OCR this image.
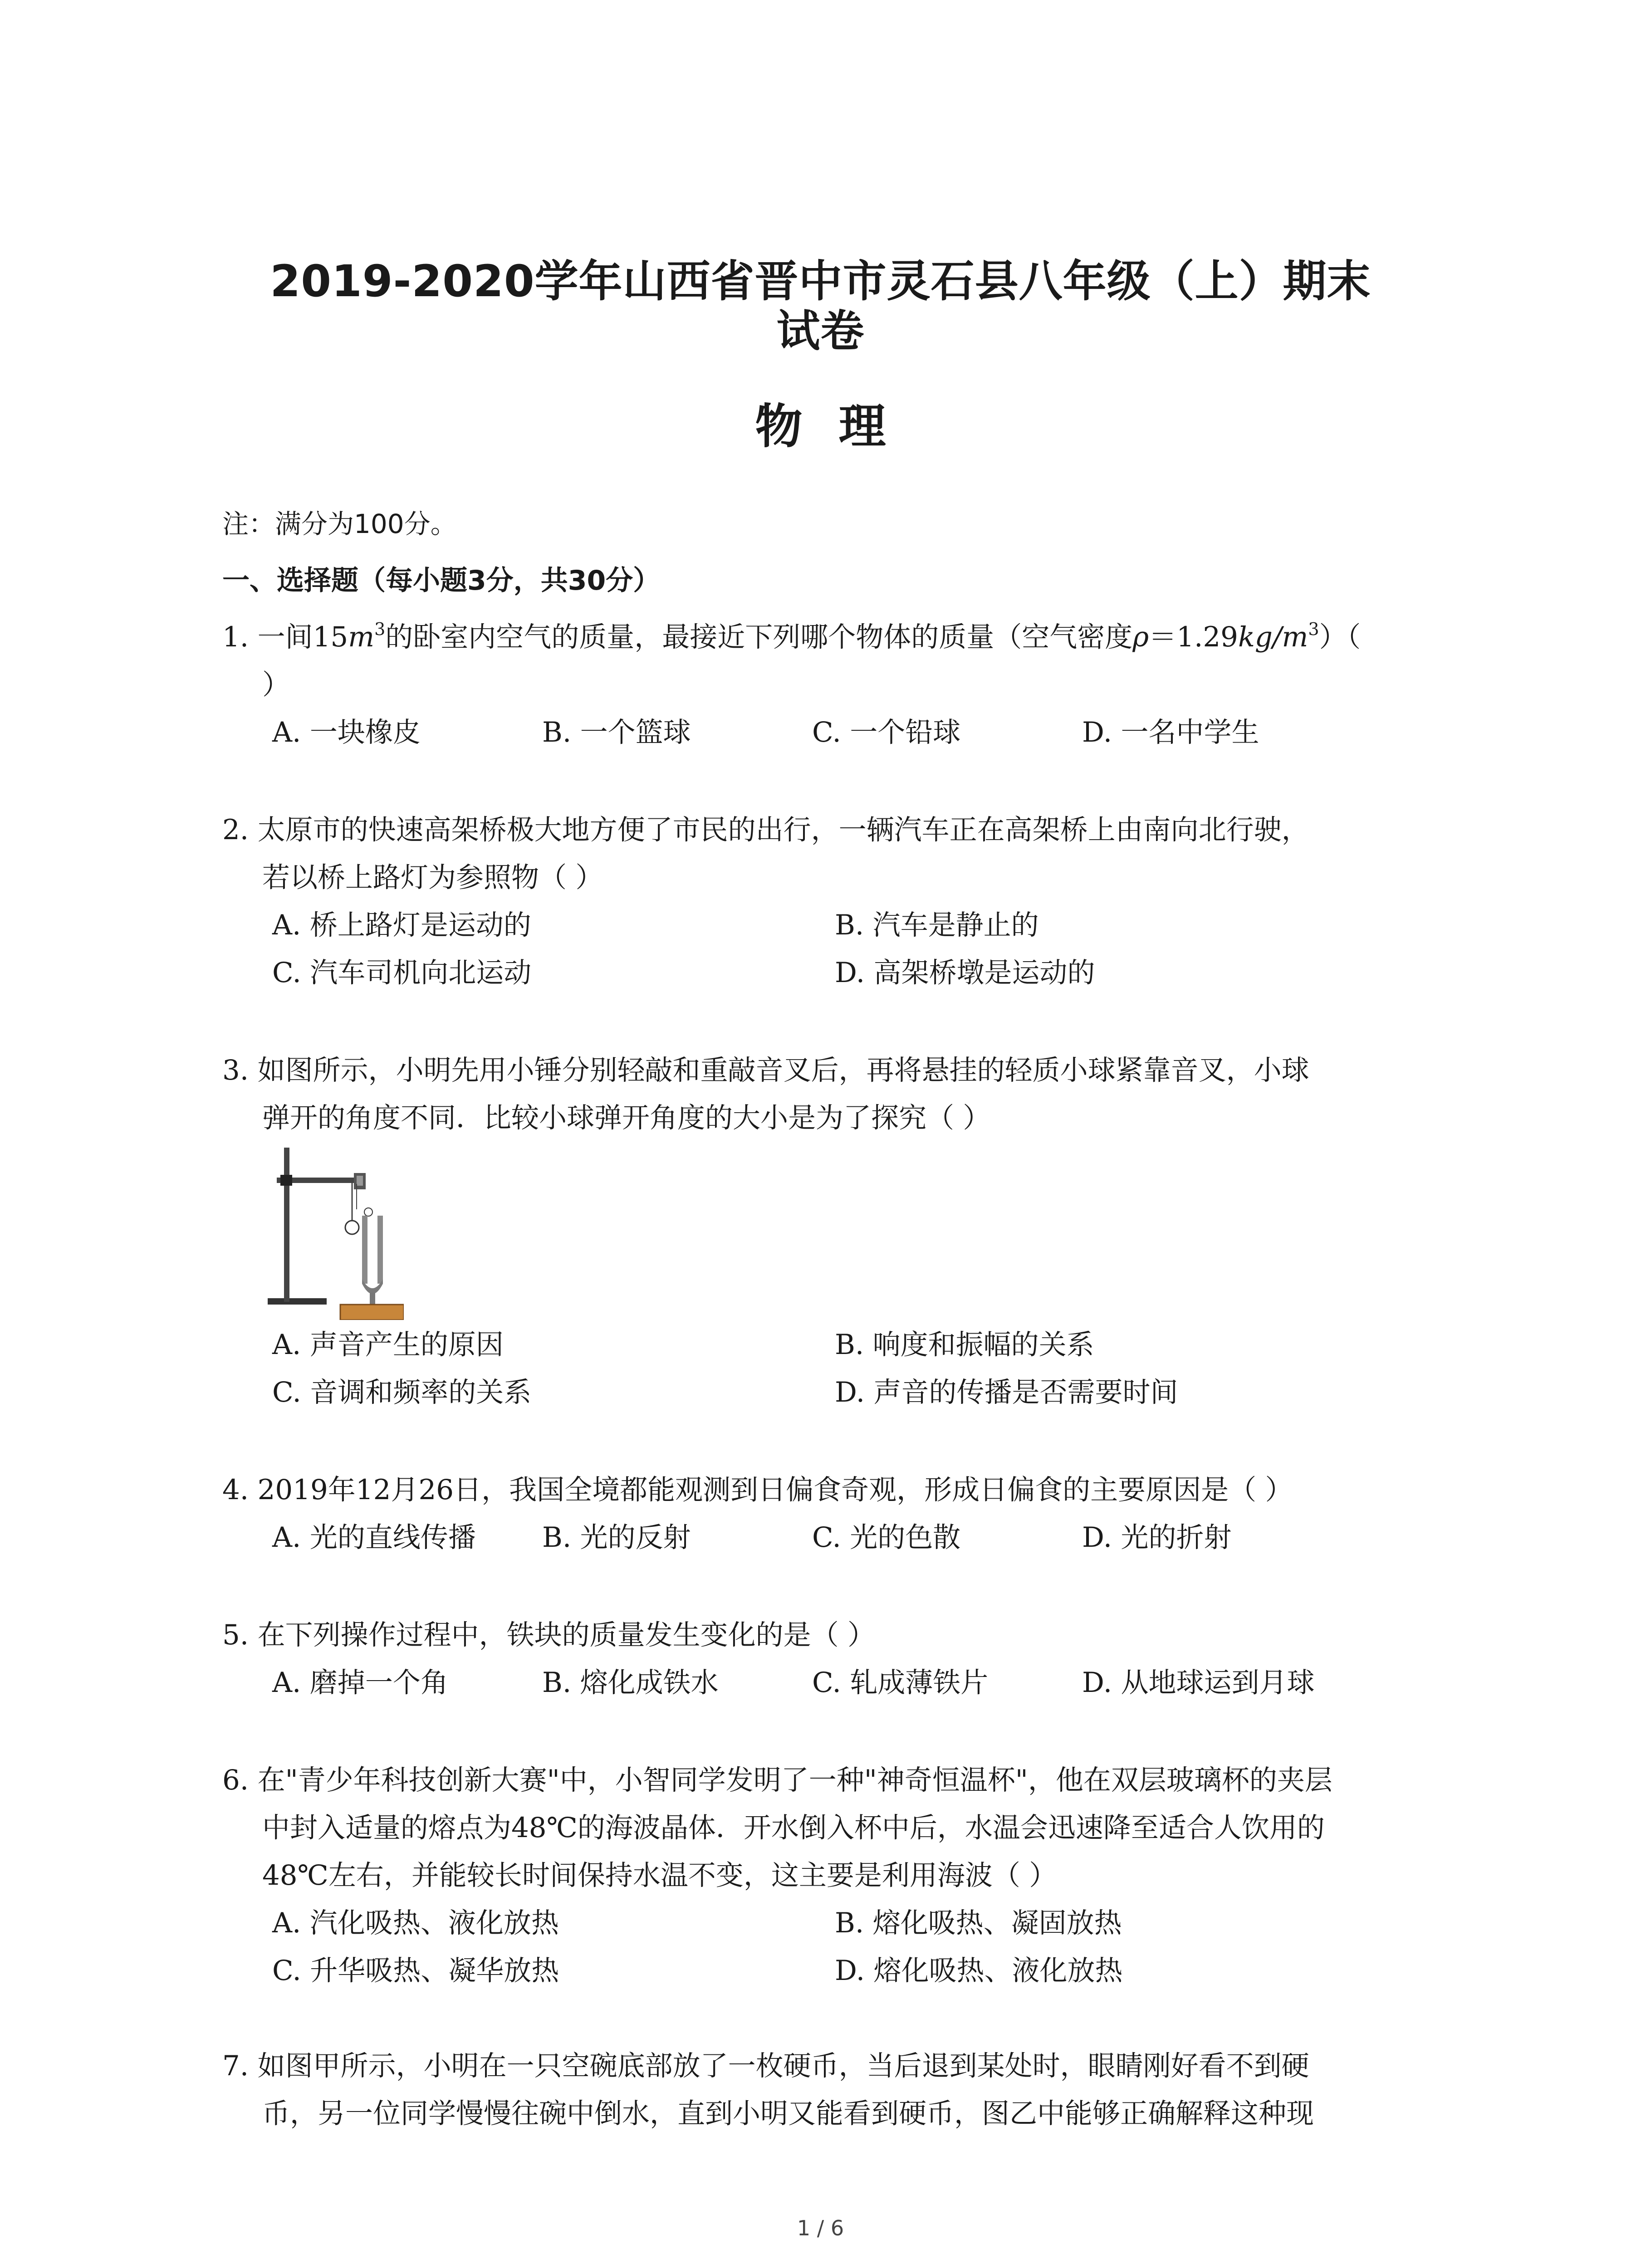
2019-2020学年山西省晋中市灵石县八年级（上）期末
试卷
物理
注：满分为100分。
一、选择题（每小题3分，共30分）
1. 一间$15m^3$的卧室内空气的质量，最接近下列哪个物体的质量（空气密度$\rho=1.29kg/m^3$）（
）
A. 一块橡皮	B. 一个篮球	C. 一个铅球	D. 一名中学生
2. 太原市的快速高架桥极大地方便了市民的出行，一辆汽车正在高架桥上由南向北行驶，
若以桥上路灯为参照物（ ）
A. 桥上路灯是运动的	B. 汽车是静止的
C. 汽车司机向北运动	D. 高架桥墩是运动的
3. 如图所示，小明先用小锤分别轻敲和重敲音叉后，再将悬挂的轻质小球紧靠音叉，小球
弹开的角度不同．比较小球弹开角度的大小是为了探究（ ）
A. 声音产生的原因	B. 响度和振幅的关系
C. 音调和频率的关系	D. 声音的传播是否需要时间
4. 2019年12月26日，我国全境都能观测到日偏食奇观，形成日偏食的主要原因是（ ）
A. 光的直线传播 B. 光的反射	C. 光的色散	D. 光的折射
5. 在下列操作过程中，铁块的质量发生变化的是（ ）
A. 磨掉一个角	B. 熔化成铁水	C. 轧成薄铁片	D. 从地球运到月球
6. 在"青少年科技创新大赛"中，小智同学发明了一种"神奇恒温杯"，他在双层玻璃杯的夹层
中封入适量的熔点为48℃的海波晶体．开水倒入杯中后，水温会迅速降至适合人饮用的
48℃左右，并能较长时间保持水温不变，这主要是利用海波（ ）
A. 汽化吸热、液化放热	B. 熔化吸热、凝固放热
C. 升华吸热、凝华放热	D. 熔化吸热、液化放热
7. 如图甲所示，小明在一只空碗底部放了一枚硬币，当后退到某处时，眼睛刚好看不到硬
币，另一位同学慢慢往碗中倒水，直到小明又能看到硬币，图乙中能够正确解释这种现
1 / 6
